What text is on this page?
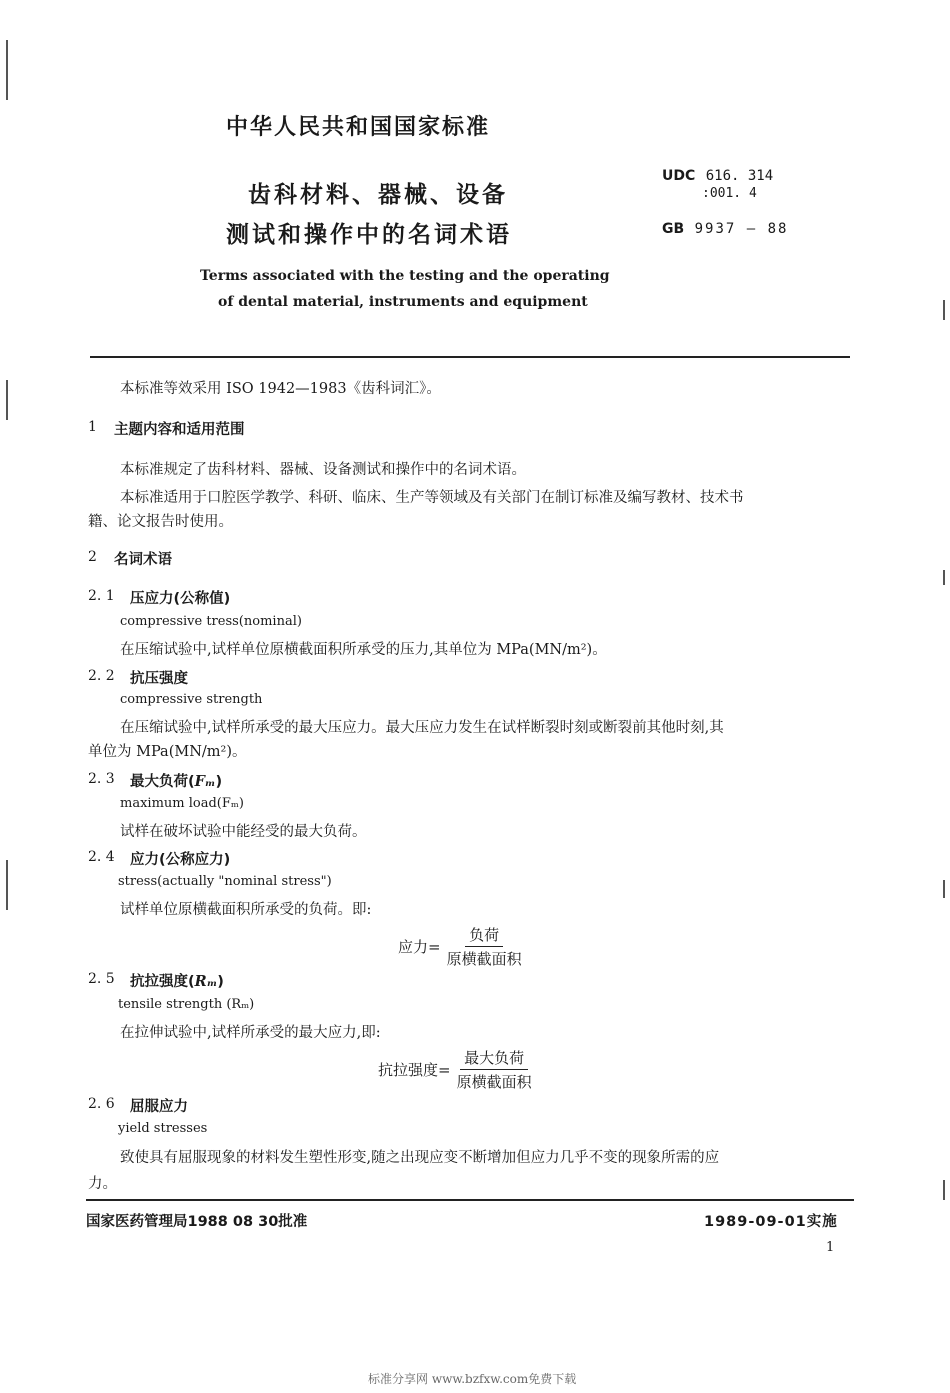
中华人民共和国国家标准
齿科材料、器械、设备
测试和操作中的名词术语
UDC 616. 314
:001. 4
GB 9937 — 88
Terms associated with the testing and the operating
of dental material, instruments and equipment
本标准等效采用 ISO 1942—1983《齿科词汇》。
1 主题内容和适用范围
本标准规定了齿科材料、器械、设备测试和操作中的名词术语。
本标准适用于口腔医学教学、科研、临床、生产等领域及有关部门在制订标准及编写教材、技术书
籍、论文报告时使用。
2 名词术语
2. 1 压应力(公称值)
compressive tress(nominal)
在压缩试验中,试样单位原横截面积所承受的压力,其单位为 MPa(MN/m²)。
2. 2 抗压强度
compressive strength
在压缩试验中,试样所承受的最大压应力。最大压应力发生在试样断裂时刻或断裂前其他时刻,其
单位为 MPa(MN/m²)。
2. 3 最大负荷(Fₘ)
maximum load(Fₘ)
试样在破坏试验中能经受的最大负荷。
2. 4 应力(公称应力)
stress(actually "nominal stress")
试样单位原横截面积所承受的负荷。即:
应力= $\frac{\text{负荷}}{\text{原横截面积}}$
2. 5 抗拉强度(Rₘ)
tensile strength (Rₘ)
在拉伸试验中,试样所承受的最大应力,即:
抗拉强度= $\frac{\text{最大负荷}}{\text{原横截面积}}$
2. 6 屈服应力
yield stresses
致使具有屈服现象的材料发生塑性形变,随之出现应变不断增加但应力几乎不变的现象所需的应
力。
国家医药管理局1988 08 30批准	1989-09-01实施
1
标准分享网 www.bzfxw.com免费下载
